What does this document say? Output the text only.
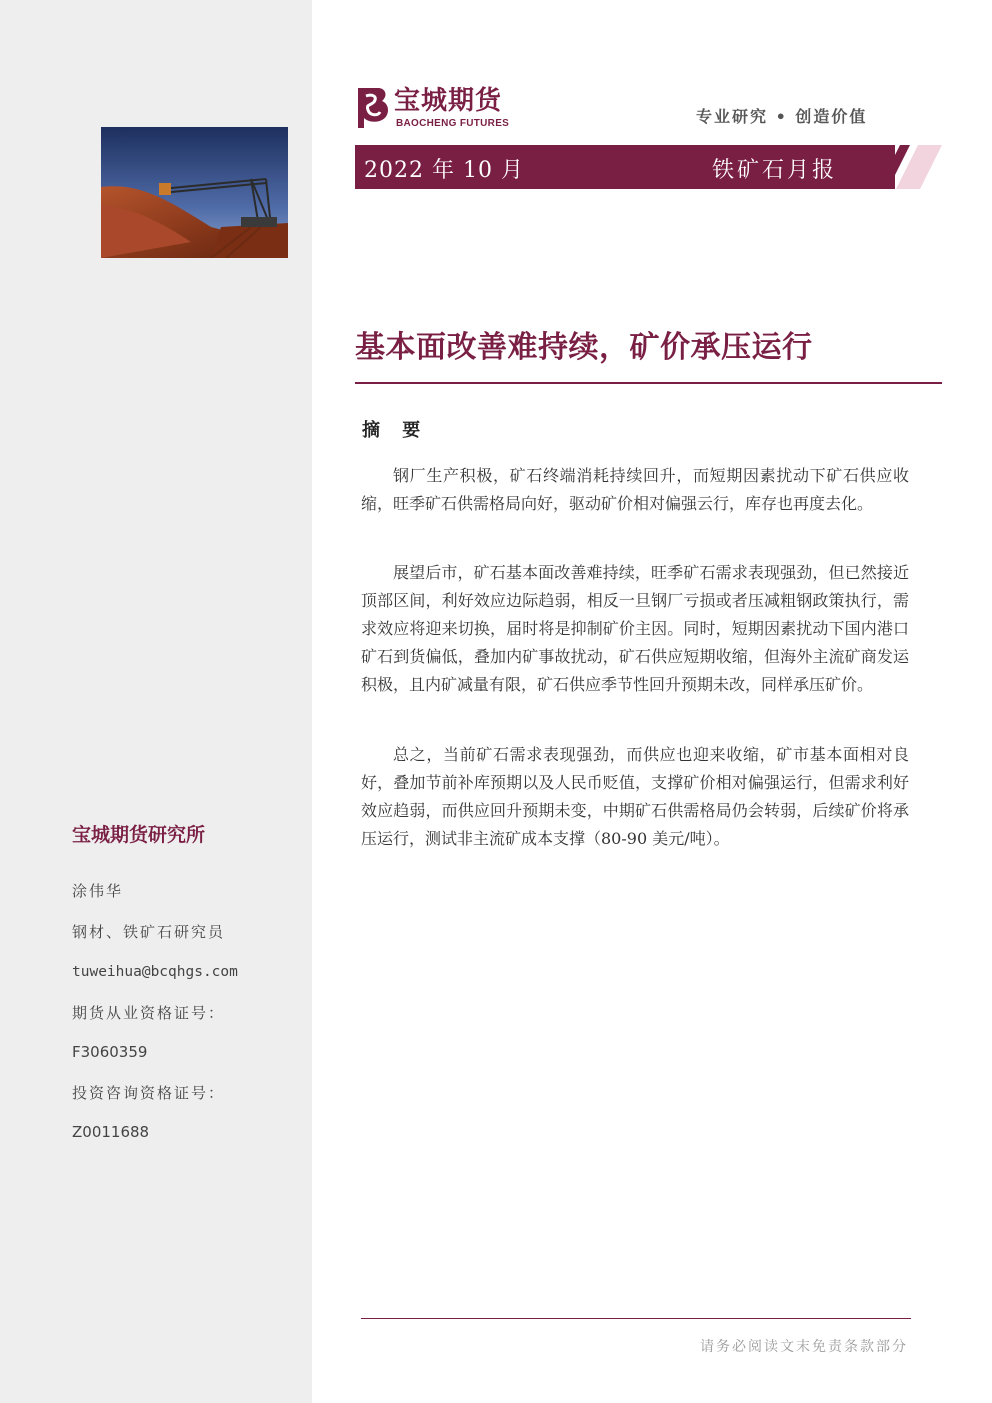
宝城期货研究所
涂伟华
钢材、铁矿石研究员
tuweihua@bcqhgs.com
期货从业资格证号：
F3060359
投资咨询资格证号：
Z0011688
宝城期货
BAOCHENG FUTURES	专业研究 • 创造价值
2022 年 10 月	铁矿石月报
基本面改善难持续，矿价承压运行
摘 要

钢厂生产积极，矿石终端消耗持续回升，而短期因素扰动下矿石供应收缩，旺季矿石供需格局向好，驱动矿价相对偏强云行，库存也再度去化。

展望后市，矿石基本面改善难持续，旺季矿石需求表现强劲，但已然接近顶部区间，利好效应边际趋弱，相反一旦钢厂亏损或者压减粗钢政策执行，需求效应将迎来切换，届时将是抑制矿价主因。同时，短期因素扰动下国内港口矿石到货偏低，叠加内矿事故扰动，矿石供应短期收缩，但海外主流矿商发运积极，且内矿减量有限，矿石供应季节性回升预期未改，同样承压矿价。

总之，当前矿石需求表现强劲，而供应也迎来收缩，矿市基本面相对良好，叠加节前补库预期以及人民币贬值，支撑矿价相对偏强运行，但需求利好效应趋弱，而供应回升预期未变，中期矿石供需格局仍会转弱，后续矿价将承压运行，测试非主流矿成本支撑（80-90 美元/吨）。

请务必阅读文末免责条款部分
